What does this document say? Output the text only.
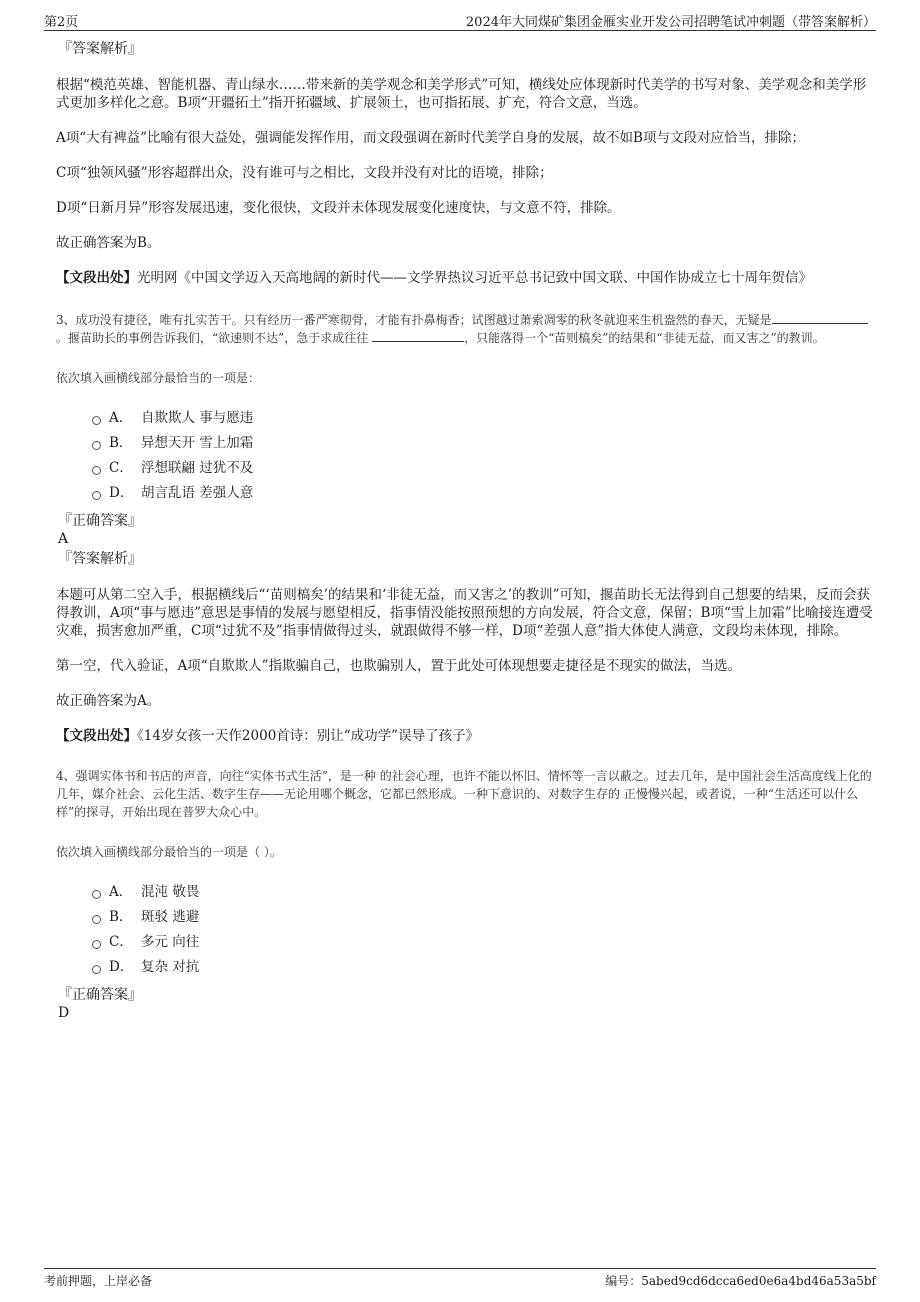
第2页	2024年大同煤矿集团金雁实业开发公司招聘笔试冲刺题（带答案解析）
『答案解析』

根据“模范英雄、智能机器、青山绿水……带来新的美学观念和美学形式”可知，横线处应体现新时代美学的书写对象、美学观念和美学形式更加多样化之意。B项“开疆拓土”指开拓疆域、扩展领土，也可指拓展、扩充，符合文意，当选。

A项“大有裨益”比喻有很大益处，强调能发挥作用，而文段强调在新时代美学自身的发展，故不如B项与文段对应恰当，排除；

C项“独领风骚”形容超群出众，没有谁可与之相比，文段并没有对比的语境，排除；

D项“日新月异”形容发展迅速，变化很快，文段并未体现发展变化速度快，与文意不符，排除。

故正确答案为B。

【文段出处】光明网《中国文学迈入天高地阔的新时代——文学界热议习近平总书记致中国文联、中国作协成立七十周年贺信》

3、成功没有捷径，唯有扎实苦干。只有经历一番严寒彻骨，才能有扑鼻梅香；试图越过萧索凋零的秋冬就迎来生机盎然的春天，无疑是。揠苗助长的事例告诉我们，“欲速则不达”，急于求成往往	，只能落得一个“苗则槁矣”的结果和“非徒无益，而又害之”的教训。

依次填入画横线部分最恰当的一项是：
A． 自欺欺人 事与愿违
B． 异想天开 雪上加霜
C． 浮想联翩 过犹不及
D． 胡言乱语 差强人意
『正确答案』
A
『答案解析』

本题可从第二空入手，根据横线后“‘苗则槁矣’的结果和‘非徒无益，而又害之’的教训”可知，揠苗助长无法得到自己想要的结果，反而会获得教训，A项“事与愿违”意思是事情的发展与愿望相反，指事情没能按照预想的方向发展，符合文意，保留；B项“雪上加霜”比喻接连遭受灾难，损害愈加严重，C项“过犹不及”指事情做得过头，就跟做得不够一样，D项“差强人意”指大体使人满意，文段均未体现，排除。

第一空，代入验证，A项“自欺欺人”指欺骗自己，也欺骗别人，置于此处可体现想要走捷径是不现实的做法，当选。

故正确答案为A。

【文段出处】《14岁女孩一天作2000首诗：别让“成功学”误导了孩子》

4、强调实体书和书店的声音，向往“实体书式生活”，是一种 的社会心理，也许不能以怀旧、情怀等一言以蔽之。过去几年，是中国社会生活高度线上化的几年，媒介社会、云化生活、数字生存——无论用哪个概念，它都已然形成。一种下意识的、对数字生存的 正慢慢兴起，或者说，一种“生活还可以什么样”的探寻，开始出现在普罗大众心中。

依次填入画横线部分最恰当的一项是（ ）。
A． 混沌 敬畏
B． 斑驳 逃避
C． 多元 向往
D． 复杂 对抗
『正确答案』
D
考前押题，上岸必备	编号：5abed9cd6dcca6ed0e6a4bd46a53a5bf
